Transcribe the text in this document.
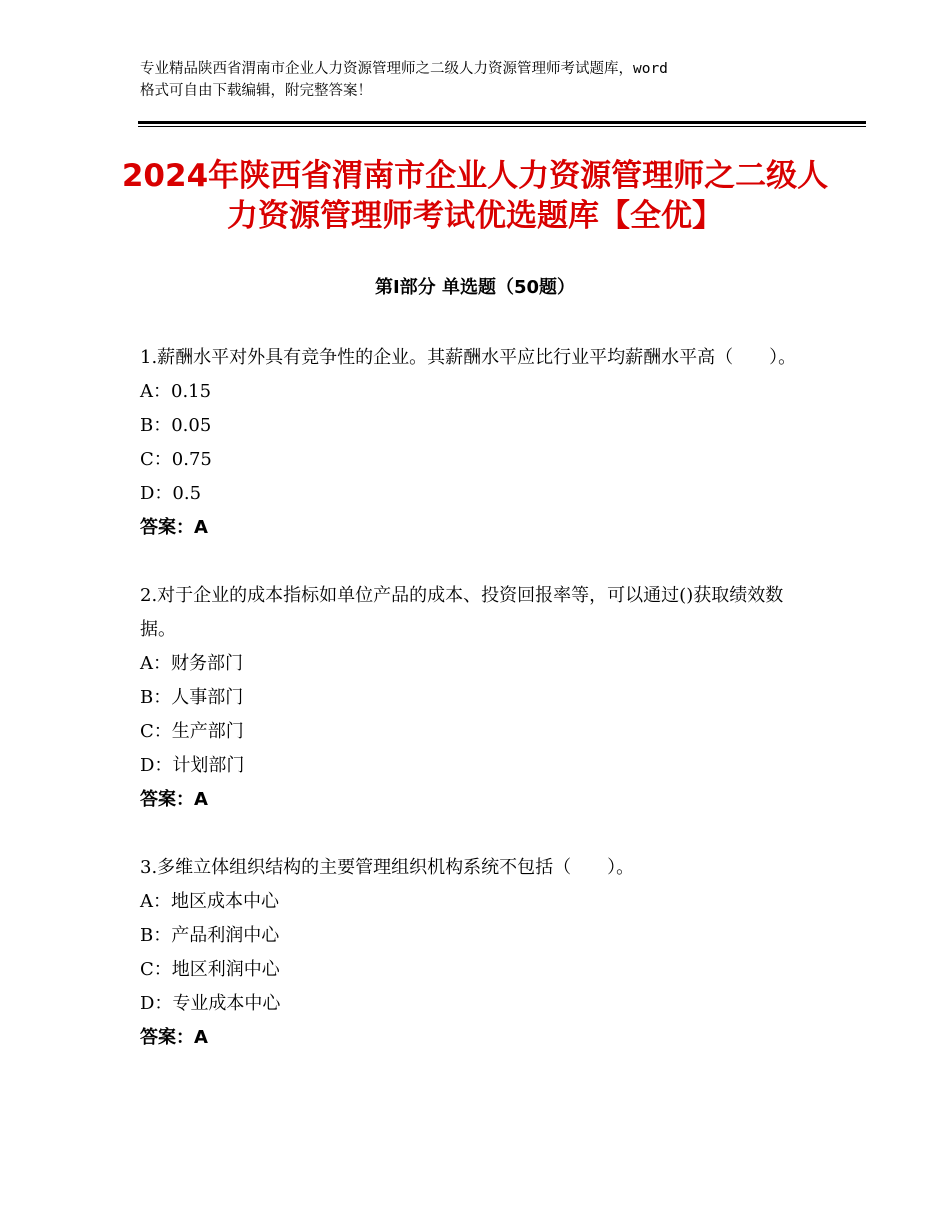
专业精品陕西省渭南市企业人力资源管理师之二级人力资源管理师考试题库，word
格式可自由下载编辑，附完整答案！
2024年陕西省渭南市企业人力资源管理师之二级人力资源管理师考试优选题库【全优】
第Ⅰ部分 单选题（50题）

1.薪酬水平对外具有竞争性的企业。其薪酬水平应比行业平均薪酬水平高（　　）。

A：0.15

B：0.05

C：0.75

D：0.5

答案：A

2.对于企业的成本指标如单位产品的成本、投资回报率等，可以通过()获取绩效数据。

A：财务部门

B：人事部门

C：生产部门

D：计划部门

答案：A

3.多维立体组织结构的主要管理组织机构系统不包括（　　）。

A：地区成本中心

B：产品利润中心

C：地区利润中心

D：专业成本中心

答案：A
